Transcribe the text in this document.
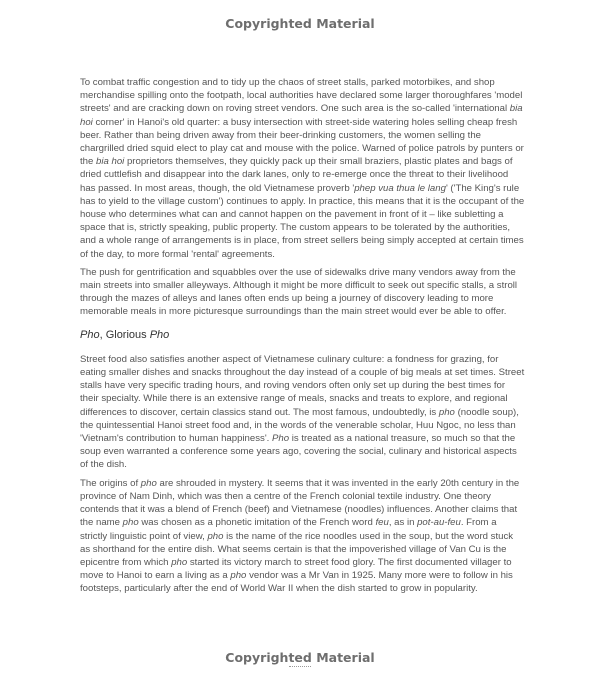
Copyrighted Material

To combat traffic congestion and to tidy up the chaos of street stalls, parked motorbikes, and shop merchandise spilling onto the footpath, local authorities have declared some larger thoroughfares 'model streets' and are cracking down on roving street vendors. One such area is the so-called 'international bia hoi corner' in Hanoi's old quarter: a busy intersection with street-side watering holes selling cheap fresh beer. Rather than being driven away from their beer-drinking customers, the women selling the chargrilled dried squid elect to play cat and mouse with the police. Warned of police patrols by punters or the bia hoi proprietors themselves, they quickly pack up their small braziers, plastic plates and bags of dried cuttlefish and disappear into the dark lanes, only to re-emerge once the threat to their livelihood has passed. In most areas, though, the old Vietnamese proverb 'phep vua thua le lang' ('The King's rule has to yield to the village custom') continues to apply. In practice, this means that it is the occupant of the house who determines what can and cannot happen on the pavement in front of it – like subletting a space that is, strictly speaking, public property. The custom appears to be tolerated by the authorities, and a whole range of arrangements is in place, from street sellers being simply accepted at certain times of the day, to more formal 'rental' agreements.

The push for gentrification and squabbles over the use of sidewalks drive many vendors away from the main streets into smaller alleyways. Although it might be more difficult to seek out specific stalls, a stroll through the mazes of alleys and lanes often ends up being a journey of discovery leading to more memorable meals in more picturesque surroundings than the main street would ever be able to offer.

Pho, Glorious Pho

Street food also satisfies another aspect of Vietnamese culinary culture: a fondness for grazing, for eating smaller dishes and snacks throughout the day instead of a couple of big meals at set times. Street stalls have very specific trading hours, and roving vendors often only set up during the best times for their specialty. While there is an extensive range of meals, snacks and treats to explore, and regional differences to discover, certain classics stand out. The most famous, undoubtedly, is pho (noodle soup), the quintessential Hanoi street food and, in the words of the venerable scholar, Huu Ngoc, no less than 'Vietnam's contribution to human happiness'. Pho is treated as a national treasure, so much so that the soup even warranted a conference some years ago, covering the social, culinary and historical aspects of the dish.

The origins of pho are shrouded in mystery. It seems that it was invented in the early 20th century in the province of Nam Dinh, which was then a centre of the French colonial textile industry. One theory contends that it was a blend of French (beef) and Vietnamese (noodles) influences. Another claims that the name pho was chosen as a phonetic imitation of the French word feu, as in pot-au-feu. From a strictly linguistic point of view, pho is the name of the rice noodles used in the soup, but the word stuck as shorthand for the entire dish. What seems certain is that the impoverished village of Van Cu is the epicentre from which pho started its victory march to street food glory. The first documented villager to move to Hanoi to earn a living as a pho vendor was a Mr Van in 1925. Many more were to follow in his footsteps, particularly after the end of World War II when the dish started to grow in popularity.

Copyrighted Material
